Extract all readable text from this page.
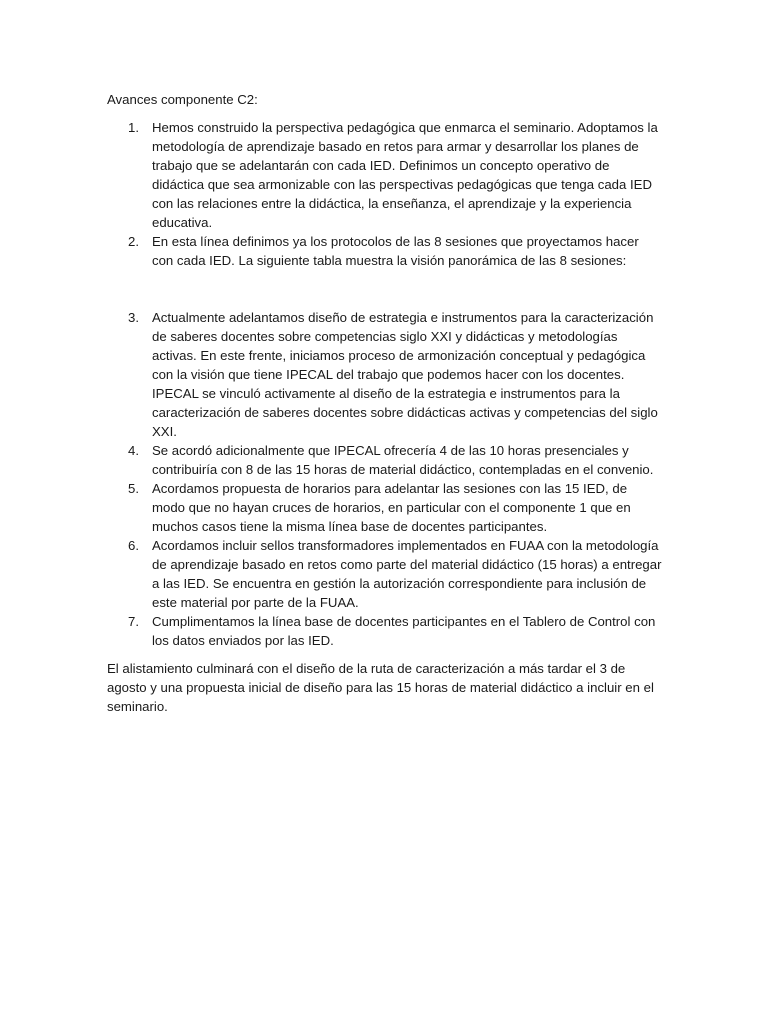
Avances componente C2:

1. Hemos construido la perspectiva pedagógica que enmarca el seminario. Adoptamos la metodología de aprendizaje basado en retos para armar y desarrollar los planes de trabajo que se adelantarán con cada IED. Definimos un concepto operativo de didáctica que sea armonizable con las perspectivas pedagógicas que tenga cada IED con las relaciones entre la didáctica, la enseñanza, el aprendizaje y la experiencia educativa.
2. En esta línea definimos ya los protocolos de las 8 sesiones que proyectamos hacer con cada IED. La siguiente tabla muestra la visión panorámica de las 8 sesiones:
3. Actualmente adelantamos diseño de estrategia e instrumentos para la caracterización de saberes docentes sobre competencias siglo XXI y didácticas y metodologías activas. En este frente, iniciamos proceso de armonización conceptual y pedagógica con la visión que tiene IPECAL del trabajo que podemos hacer con los docentes. IPECAL se vinculó activamente al diseño de la estrategia e instrumentos para la caracterización de saberes docentes sobre didácticas activas y competencias del siglo XXI.
4. Se acordó adicionalmente que IPECAL ofrecería 4 de las 10 horas presenciales y contribuiría con 8 de las 15 horas de material didáctico, contempladas en el convenio.
5. Acordamos propuesta de horarios para adelantar las sesiones con las 15 IED, de modo que no hayan cruces de horarios, en particular con el componente 1 que en muchos casos tiene la misma línea base de docentes participantes.
6. Acordamos incluir sellos transformadores implementados en FUAA con la metodología de aprendizaje basado en retos como parte del material didáctico (15 horas) a entregar a las IED. Se encuentra en gestión la autorización correspondiente para inclusión de este material por parte de la FUAA.
7. Cumplimentamos la línea base de docentes participantes en el Tablero de Control con los datos enviados por las IED.

El alistamiento culminará con el diseño de la ruta de caracterización a más tardar el 3 de agosto y una propuesta inicial de diseño para las 15 horas de material didáctico a incluir en el seminario.
